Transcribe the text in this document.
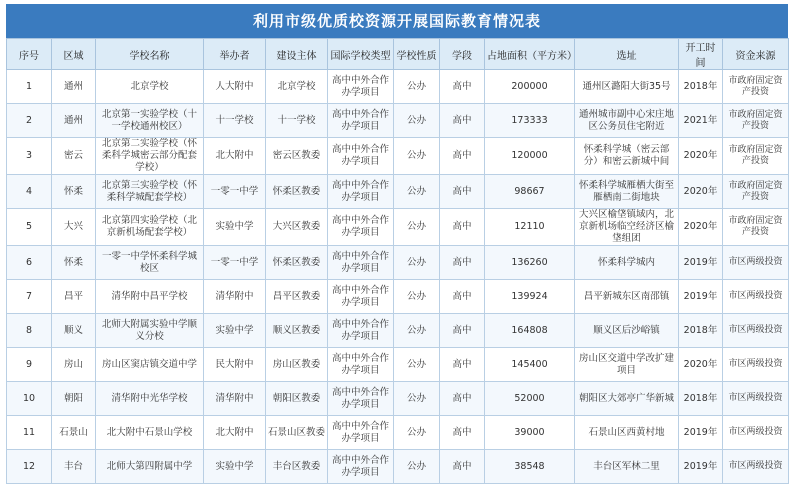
利用市级优质校资源开展国际教育情况表
序号	区域	学校名称	举办者	建设主体	国际学校类型	学校性质	学段	占地面积（平方米）	选址	开工时间	资金来源
1	通州	北京学校	人大附中	北京学校	高中中外合作办学项目	公办	高中	200000	通州区潞阳大街35号	2018年	市政府固定资产投资
2	通州	北京第一实验学校（十一学校通州校区）	十一学校	十一学校	高中中外合作办学项目	公办	高中	173333	通州城市副中心宋庄地区公务员住宅附近	2021年	市政府固定资产投资
3	密云	北京第二实验学校（怀柔科学城密云部分配套学校）	北大附中	密云区教委	高中中外合作办学项目	公办	高中	120000	怀柔科学城（密云部分）和密云新城中间	2020年	市政府固定资产投资
4	怀柔	北京第三实验学校（怀柔科学城配套学校）	一零一中学	怀柔区教委	高中中外合作办学项目	公办	高中	98667	怀柔科学城雁栖大街至雁栖南二街地块	2020年	市政府固定资产投资
5	大兴	北京第四实验学校（北京新机场配套学校）	实验中学	大兴区教委	高中中外合作办学项目	公办	高中	12110	大兴区榆垡镇域内，北京新机场临空经济区榆垡组团	2020年	市政府固定资产投资
6	怀柔	一零一中学怀柔科学城校区	一零一中学	怀柔区教委	高中中外合作办学项目	公办	高中	136260	怀柔科学城内	2019年	市区两级投资
7	昌平	清华附中昌平学校	清华附中	昌平区教委	高中中外合作办学项目	公办	高中	139924	昌平新城东区南邵镇	2019年	市区两级投资
8	顺义	北师大附属实验中学顺义分校	实验中学	顺义区教委	高中中外合作办学项目	公办	高中	164808	顺义区后沙峪镇	2018年	市区两级投资
9	房山	房山区窦店镇交道中学	民大附中	房山区教委	高中中外合作办学项目	公办	高中	145400	房山区交道中学改扩建项目	2020年	市区两级投资
10	朝阳	清华附中光华学校	清华附中	朝阳区教委	高中中外合作办学项目	公办	高中	52000	朝阳区大郊亭广华新城	2018年	市区两级投资
11	石景山	北大附中石景山学校	北大附中	石景山区教委	高中中外合作办学项目	公办	高中	39000	石景山区西黄村地	2019年	市区两级投资
12	丰台	北师大第四附属中学	实验中学	丰台区教委	高中中外合作办学项目	公办	高中	38548	丰台区军林二里	2019年	市区两级投资
